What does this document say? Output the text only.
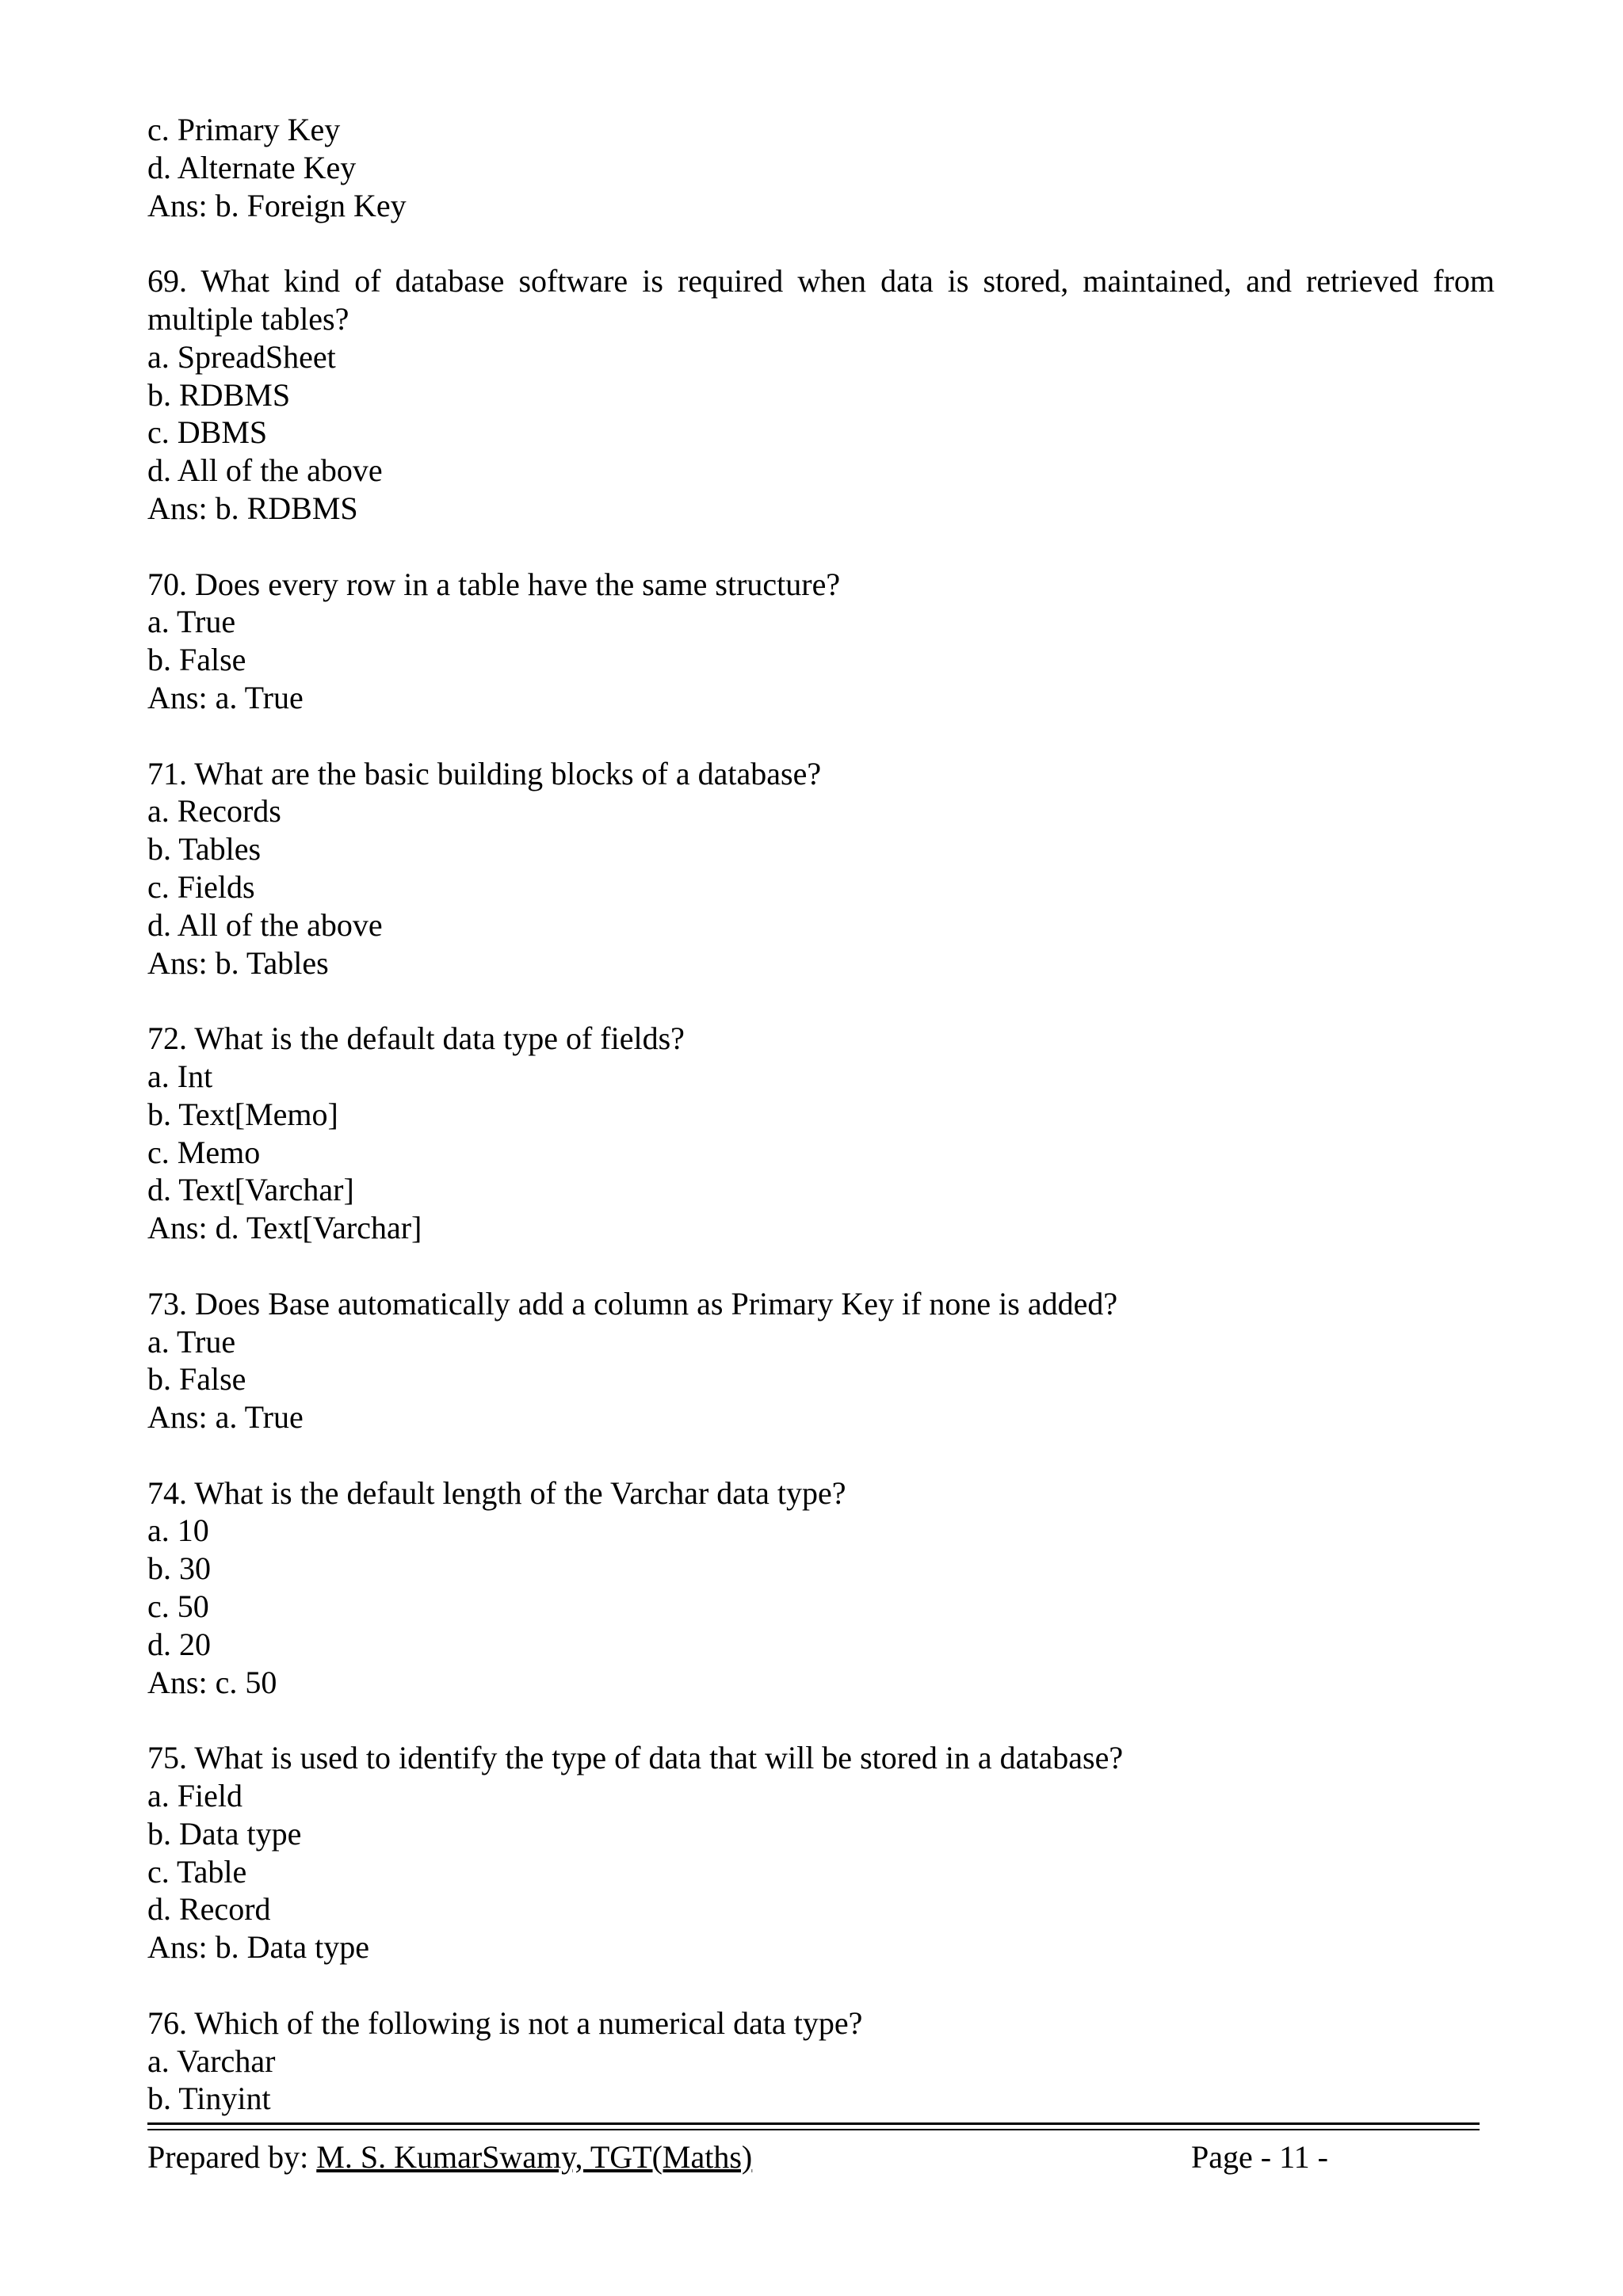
c. Primary Key

d. Alternate Key

Ans: b. Foreign Key

69. What kind of database software is required when data is stored, maintained, and retrieved from multiple tables?

a. SpreadSheet

b. RDBMS

c. DBMS

d. All of the above

Ans: b. RDBMS

70. Does every row in a table have the same structure?

a. True

b. False

Ans: a. True

71. What are the basic building blocks of a database?

a. Records

b. Tables

c. Fields

d. All of the above

Ans: b. Tables

72. What is the default data type of fields?

a. Int

b. Text[Memo]

c. Memo

d. Text[Varchar]

Ans: d. Text[Varchar]

73. Does Base automatically add a column as Primary Key if none is added?

a. True

b. False

Ans: a. True

74. What is the default length of the Varchar data type?

a. 10

b. 30

c. 50

d. 20

Ans: c. 50

75. What is used to identify the type of data that will be stored in a database?

a. Field

b. Data type

c. Table

d. Record

Ans: b. Data type

76. Which of the following is not a numerical data type?

a. Varchar

b. Tinyint

Prepared by: M. S. KumarSwamy, TGT(Maths)	Page - 11 -
